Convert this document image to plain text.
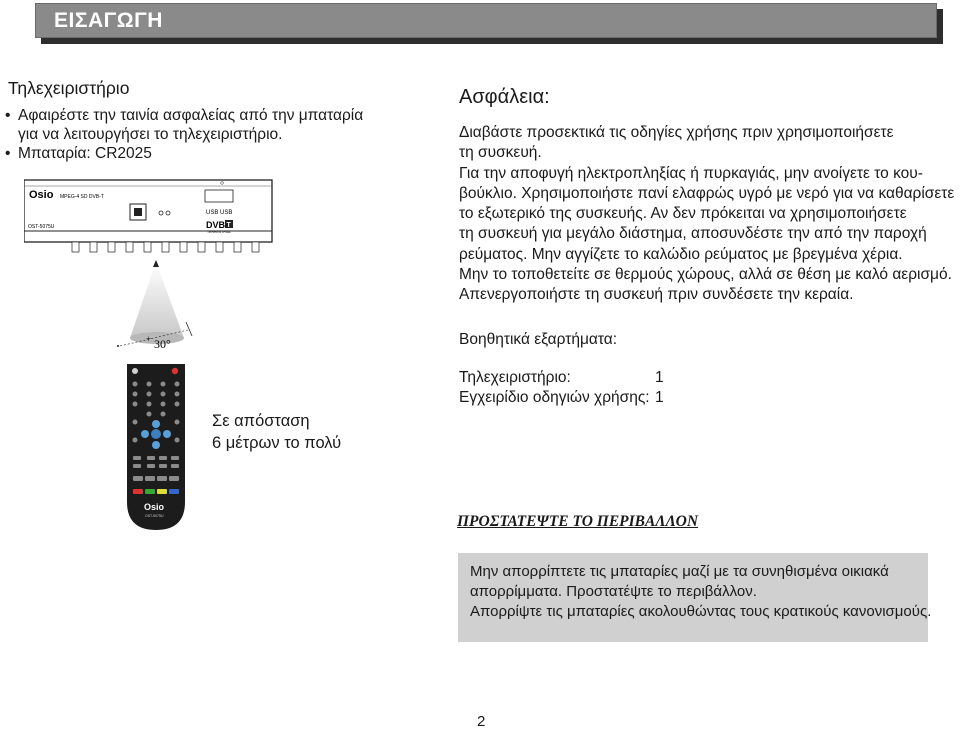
ΕΙΣΑΓΩΓΗ
Τηλεχειριστήριο
• Αφαιρέστε την ταινία ασφαλείας από την μπαταρία
για να λειτουργήσει το τηλεχειριστήριο.
• Μπαταρία: CR2025
Osio MPEG-4 SD DVB-T
OST-5075U
USB USB
DVB T
TERRESTRIAL
30°
+
Osio
OST-5075U
Σε απόσταση
6 μέτρων το πολύ
Ασφάλεια:
Διαβάστε προσεκτικά τις οδηγίες χρήσης πριν χρησιμοποιήσετε
τη συσκευή.
Για την αποφυγή ηλεκτροπληξίας ή πυρκαγιάς, μην ανοίγετε το κου-
βούκλιο. Χρησιμοποιήστε πανί ελαφρώς υγρό με νερό για να καθαρίσετε
το εξωτερικό της συσκευής. Αν δεν πρόκειται να χρησιμοποιήσετε
τη συσκευή για μεγάλο διάστημα, αποσυνδέστε την από την παροχή
ρεύματος. Μην αγγίζετε το καλώδιο ρεύματος με βρεγμένα χέρια.
Μην το τοποθετείτε σε θερμούς χώρους, αλλά σε θέση με καλό αερισμό.
Απενεργοποιήστε τη συσκευή πριν συνδέσετε την κεραία.
Βοηθητικά εξαρτήματα:
Τηλεχειριστήριο:	1
Εγχειρίδιο οδηγιών χρήσης: 1
ΠΡΟΣΤΑΤΕΨΤΕ ΤΟ ΠΕΡΙΒΑΛΛΟΝ
Μην απορρίπτετε τις μπαταρίες μαζί με τα συνηθισμένα οικιακά
απορρίμματα. Προστατέψτε το περιβάλλον.
Απορρίψτε τις μπαταρίες ακολουθώντας τους κρατικούς κανονισμούς.
2
